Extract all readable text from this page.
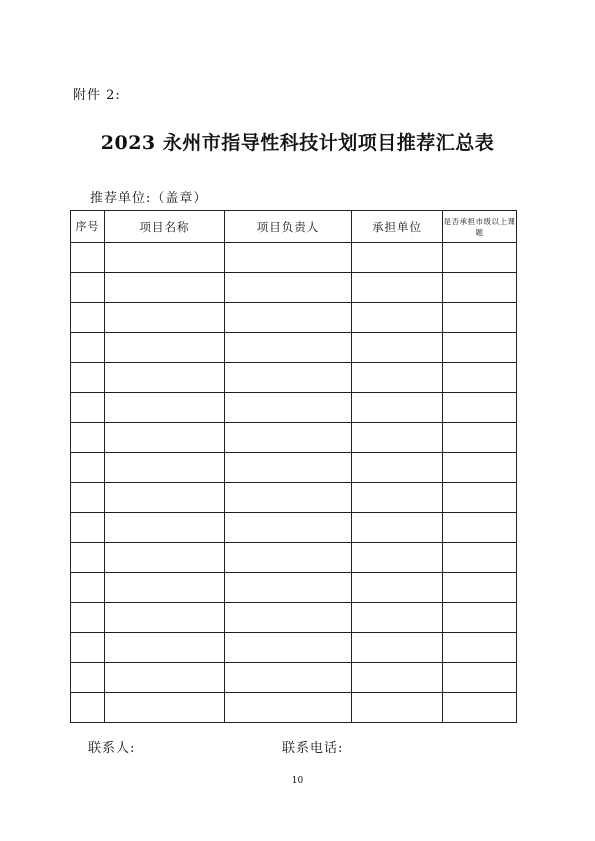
附件 2:
2023 永州市指导性科技计划项目推荐汇总表
推荐单位:（盖章）
序号	项目名称	项目负责人	承担单位	是否承担市级以上课题

联系人:	联系电话:
10
